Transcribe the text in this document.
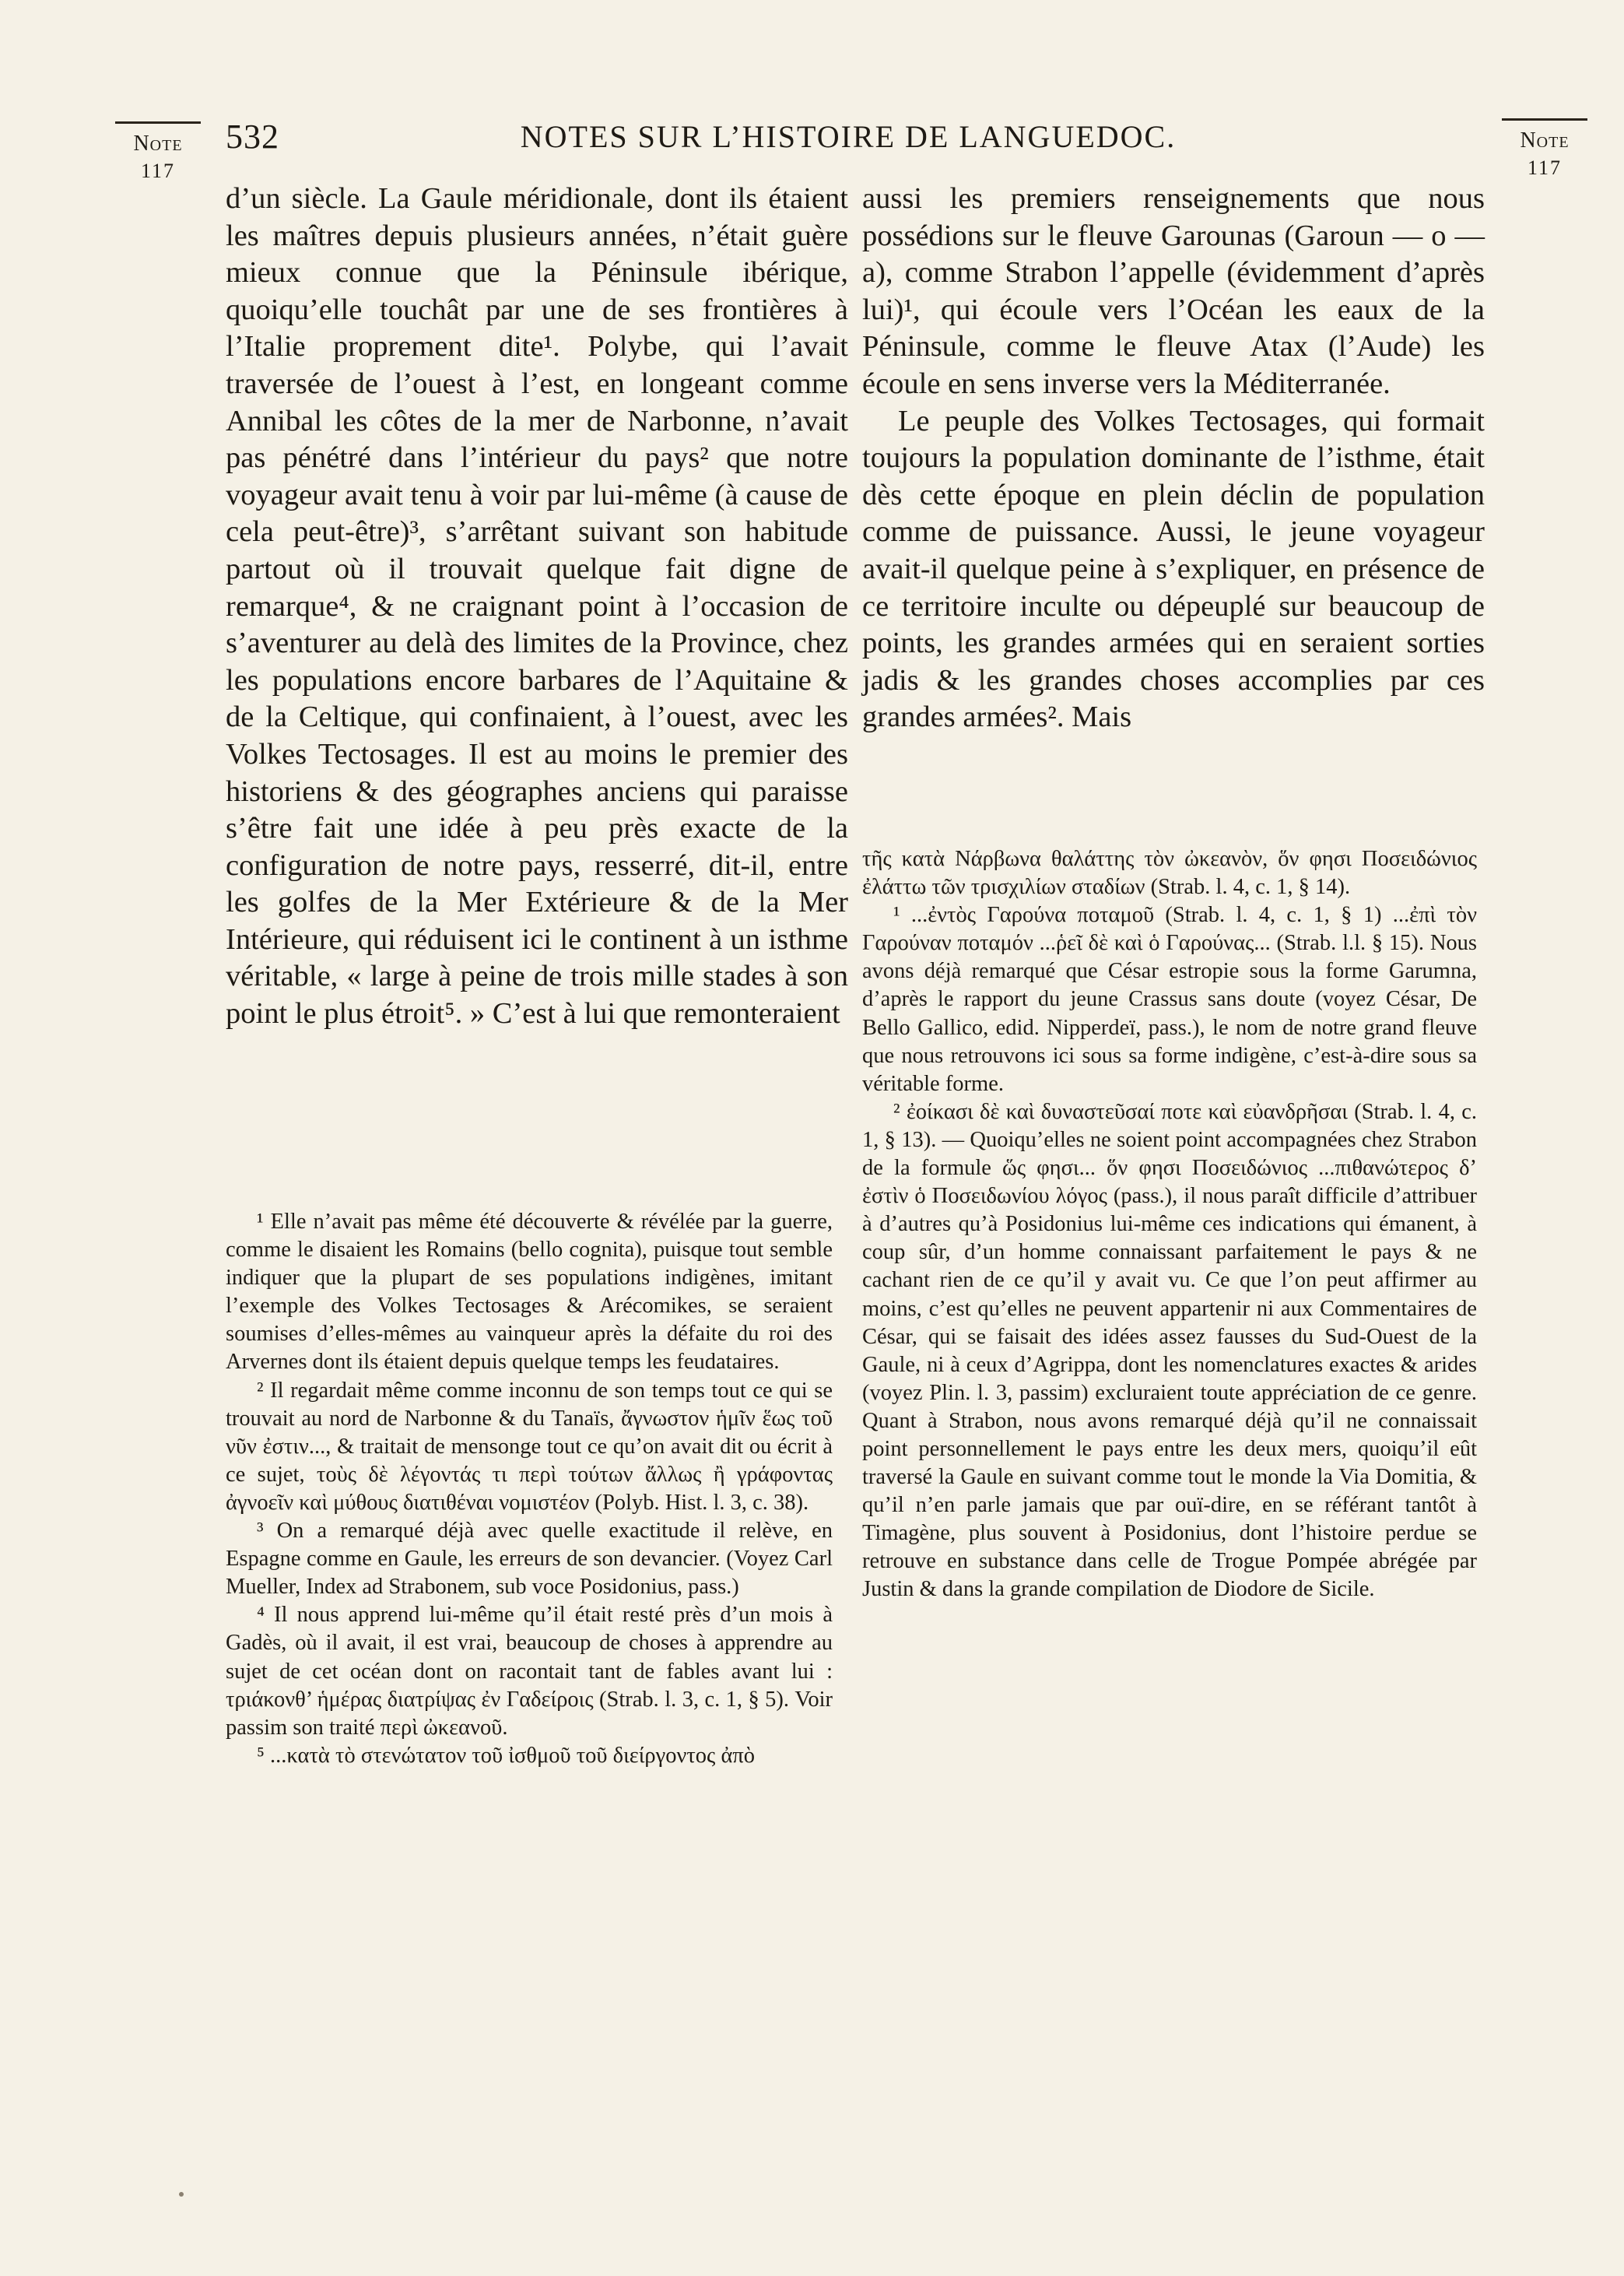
Note
117
Note
117
532	NOTES SUR L’HISTOIRE DE LANGUEDOC.

d’un siècle. La Gaule méridionale, dont ils étaient les maîtres depuis plusieurs années, n’était guère mieux connue que la Péninsule ibérique, quoiqu’elle touchât par une de ses frontières à l’Italie proprement dite¹. Polybe, qui l’avait traversée de l’ouest à l’est, en longeant comme Annibal les côtes de la mer de Narbonne, n’avait pas pénétré dans l’intérieur du pays² que notre voyageur avait tenu à voir par lui-même (à cause de cela peut-être)³, s’arrêtant suivant son habitude partout où il trouvait quelque fait digne de remarque⁴, & ne craignant point à l’occasion de s’aventurer au delà des limites de la Province, chez les populations encore barbares de l’Aquitaine & de la Celtique, qui confinaient, à l’ouest, avec les Volkes Tectosages. Il est au moins le premier des historiens & des géographes anciens qui paraisse s’être fait une idée à peu près exacte de la configuration de notre pays, resserré, dit-il, entre les golfes de la Mer Extérieure & de la Mer Intérieure, qui réduisent ici le continent à un isthme véritable, « large à peine de trois mille stades à son point le plus étroit⁵. » C’est à lui que remonteraient

aussi les premiers renseignements que nous possédions sur le fleuve Garounas (Garoun — o — a), comme Strabon l’appelle (évidemment d’après lui)¹, qui écoule vers l’Océan les eaux de la Péninsule, comme le fleuve Atax (l’Aude) les écoule en sens inverse vers la Méditerranée.

Le peuple des Volkes Tectosages, qui formait toujours la population dominante de l’isthme, était dès cette époque en plein déclin de population comme de puissance. Aussi, le jeune voyageur avait-il quelque peine à s’expliquer, en présence de ce territoire inculte ou dépeuplé sur beaucoup de points, les grandes armées qui en seraient sorties jadis & les grandes choses accomplies par ces grandes armées². Mais

¹ Elle n’avait pas même été découverte & révélée par la guerre, comme le disaient les Romains (bello cognita), puisque tout semble indiquer que la plupart de ses populations indigènes, imitant l’exemple des Volkes Tectosages & Arécomikes, se seraient soumises d’elles-mêmes au vainqueur après la défaite du roi des Arvernes dont ils étaient depuis quelque temps les feudataires.

² Il regardait même comme inconnu de son temps tout ce qui se trouvait au nord de Narbonne & du Tanaïs, ἄγνωστον ἡμῖν ἕως τοῦ νῦν ἐστιν..., & traitait de mensonge tout ce qu’on avait dit ou écrit à ce sujet, τοὺς δὲ λέγοντάς τι περὶ τούτων ἄλλως ἢ γράφοντας ἀγνοεῖν καὶ μύθους διατιθέναι νομιστέον (Polyb. Hist. l. 3, c. 38).

³ On a remarqué déjà avec quelle exactitude il relève, en Espagne comme en Gaule, les erreurs de son devancier. (Voyez Carl Mueller, Index ad Strabonem, sub voce Posidonius, pass.)

⁴ Il nous apprend lui-même qu’il était resté près d’un mois à Gadès, où il avait, il est vrai, beaucoup de choses à apprendre au sujet de cet océan dont on racontait tant de fables avant lui : τριάκονθ’ ἡμέρας διατρίψας ἐν Γαδείροις (Strab. l. 3, c. 1, § 5). Voir passim son traité περὶ ὠκεανοῦ.

⁵ ...κατὰ τὸ στενώτατον τοῦ ἰσθμοῦ τοῦ διείργοντος ἀπὸ

τῆς κατὰ Νάρβωνα θαλάττης τὸν ὠκεανὸν, ὅν φησι Ποσειδώνιος ἐλάττω τῶν τρισχιλίων σταδίων (Strab. l. 4, c. 1, § 14).

¹ ...ἐντὸς Γαρούνα ποταμοῦ (Strab. l. 4, c. 1, § 1) ...ἐπὶ τὸν Γαρούναν ποταμόν ...ῥεῖ δὲ καὶ ὁ Γαρούνας... (Strab. l.l. § 15). Nous avons déjà remarqué que César estropie sous la forme Garumna, d’après le rapport du jeune Crassus sans doute (voyez César, De Bello Gallico, edid. Nipperdeï, pass.), le nom de notre grand fleuve que nous retrouvons ici sous sa forme indigène, c’est-à-dire sous sa véritable forme.

² ἐοίκασι δὲ καὶ δυναστεῦσαί ποτε καὶ εὐανδρῆσαι (Strab. l. 4, c. 1, § 13). — Quoiqu’elles ne soient point accompagnées chez Strabon de la formule ὥς φησι... ὅν φησι Ποσειδώνιος ...πιθανώτερος δ’ ἐστὶν ὁ Ποσειδωνίου λόγος (pass.), il nous paraît difficile d’attribuer à d’autres qu’à Posidonius lui-même ces indications qui émanent, à coup sûr, d’un homme connaissant parfaitement le pays & ne cachant rien de ce qu’il y avait vu. Ce que l’on peut affirmer au moins, c’est qu’elles ne peuvent appartenir ni aux Commentaires de César, qui se faisait des idées assez fausses du Sud-Ouest de la Gaule, ni à ceux d’Agrippa, dont les nomenclatures exactes & arides (voyez Plin. l. 3, passim) excluraient toute appréciation de ce genre. Quant à Strabon, nous avons remarqué déjà qu’il ne connaissait point personnellement le pays entre les deux mers, quoiqu’il eût traversé la Gaule en suivant comme tout le monde la Via Domitia, & qu’il n’en parle jamais que par ouï-dire, en se référant tantôt à Timagène, plus souvent à Posidonius, dont l’histoire perdue se retrouve en substance dans celle de Trogue Pompée abrégée par Justin & dans la grande compilation de Diodore de Sicile.
